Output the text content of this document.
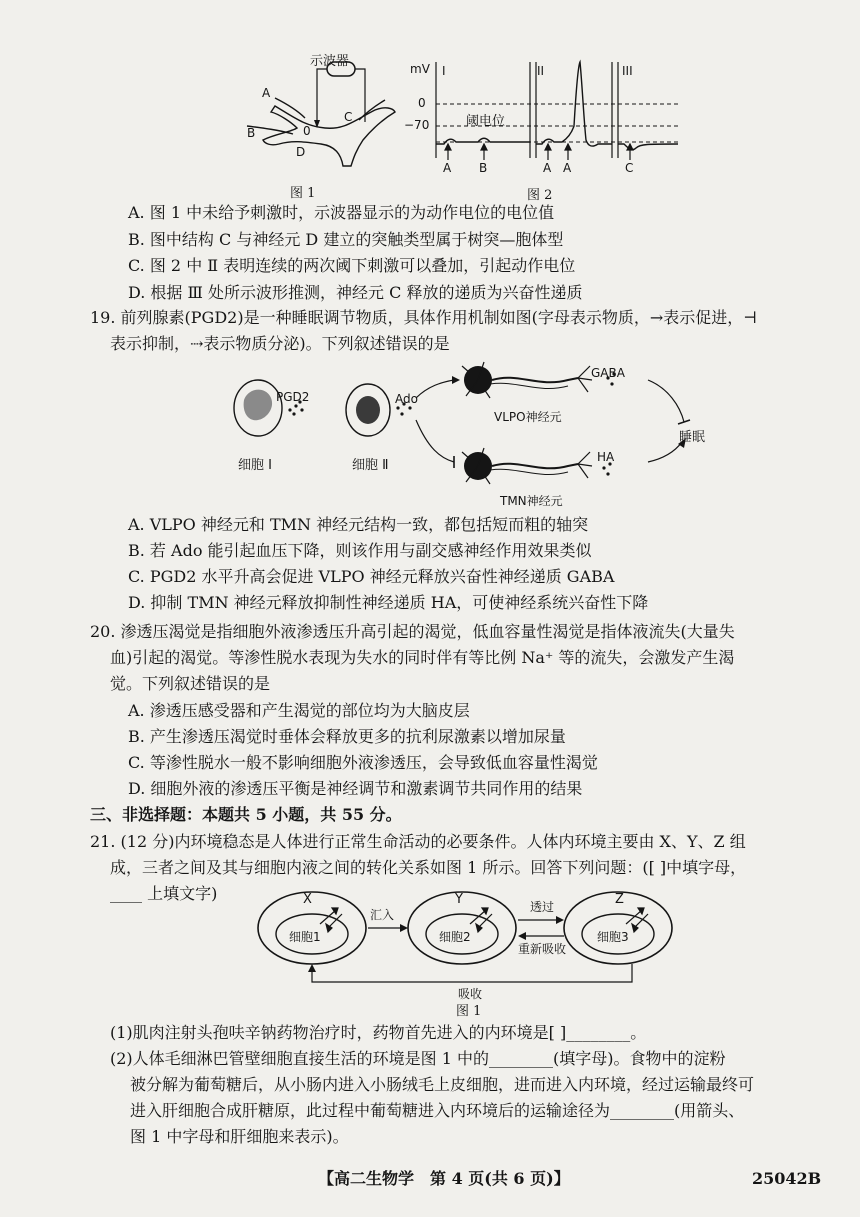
示波器
A
B
C
D
0
图 1
mV I	II	III
0
−70	阈电位
A B	A A	C
图 2
A. 图 1 中未给予刺激时，示波器显示的为动作电位的电位值
B. 图中结构 C 与神经元 D 建立的突触类型属于树突—胞体型
C. 图 2 中 Ⅱ 表明连续的两次阈下刺激可以叠加，引起动作电位
D. 根据 Ⅲ 处所示波形推测，神经元 C 释放的递质为兴奋性递质
19. 前列腺素(PGD2)是一种睡眠调节物质，具体作用机制如图(字母表示物质，→表示促进，⊣
表示抑制，⇢表示物质分泌)。下列叙述错误的是
PGD2	Ado
GABA
HA
VLPO神经元
TMN神经元
睡眠
细胞 Ⅰ	细胞 Ⅱ
A. VLPO 神经元和 TMN 神经元结构一致，都包括短而粗的轴突
B. 若 Ado 能引起血压下降，则该作用与副交感神经作用效果类似
C. PGD2 水平升高会促进 VLPO 神经元释放兴奋性神经递质 GABA
D. 抑制 TMN 神经元释放抑制性神经递质 HA，可使神经系统兴奋性下降
20. 渗透压渴觉是指细胞外液渗透压升高引起的渴觉，低血容量性渴觉是指体液流失(大量失
血)引起的渴觉。等渗性脱水表现为失水的同时伴有等比例 Na⁺ 等的流失，会激发产生渴
觉。下列叙述错误的是
A. 渗透压感受器和产生渴觉的部位均为大脑皮层
B. 产生渗透压渴觉时垂体会释放更多的抗利尿激素以增加尿量
C. 等渗性脱水一般不影响细胞外液渗透压，会导致低血容量性渴觉
D. 细胞外液的渗透压平衡是神经调节和激素调节共同作用的结果
三、非选择题：本题共 5 小题，共 55 分。
21. (12 分)内环境稳态是人体进行正常生命活动的必要条件。人体内环境主要由 X、Y、Z 组
成，三者之间及其与细胞内液之间的转化关系如图 1 所示。回答下列问题：([ ]中填字母，
____ 上填文字)	X	Y	Z
细胞1	细胞2	细胞3
汇入
透过
重新吸收
吸收
图 1
(1)肌肉注射头孢呋辛钠药物治疗时，药物首先进入的内环境是[ ]________。
(2)人体毛细淋巴管壁细胞直接生活的环境是图 1 中的________(填字母)。食物中的淀粉
被分解为葡萄糖后，从小肠内进入小肠绒毛上皮细胞，进而进入内环境，经过运输最终可
进入肝细胞合成肝糖原，此过程中葡萄糖进入内环境后的运输途径为________(用箭头、
图 1 中字母和肝细胞来表示)。
【高二生物学　第 4 页(共 6 页)】	25042B
